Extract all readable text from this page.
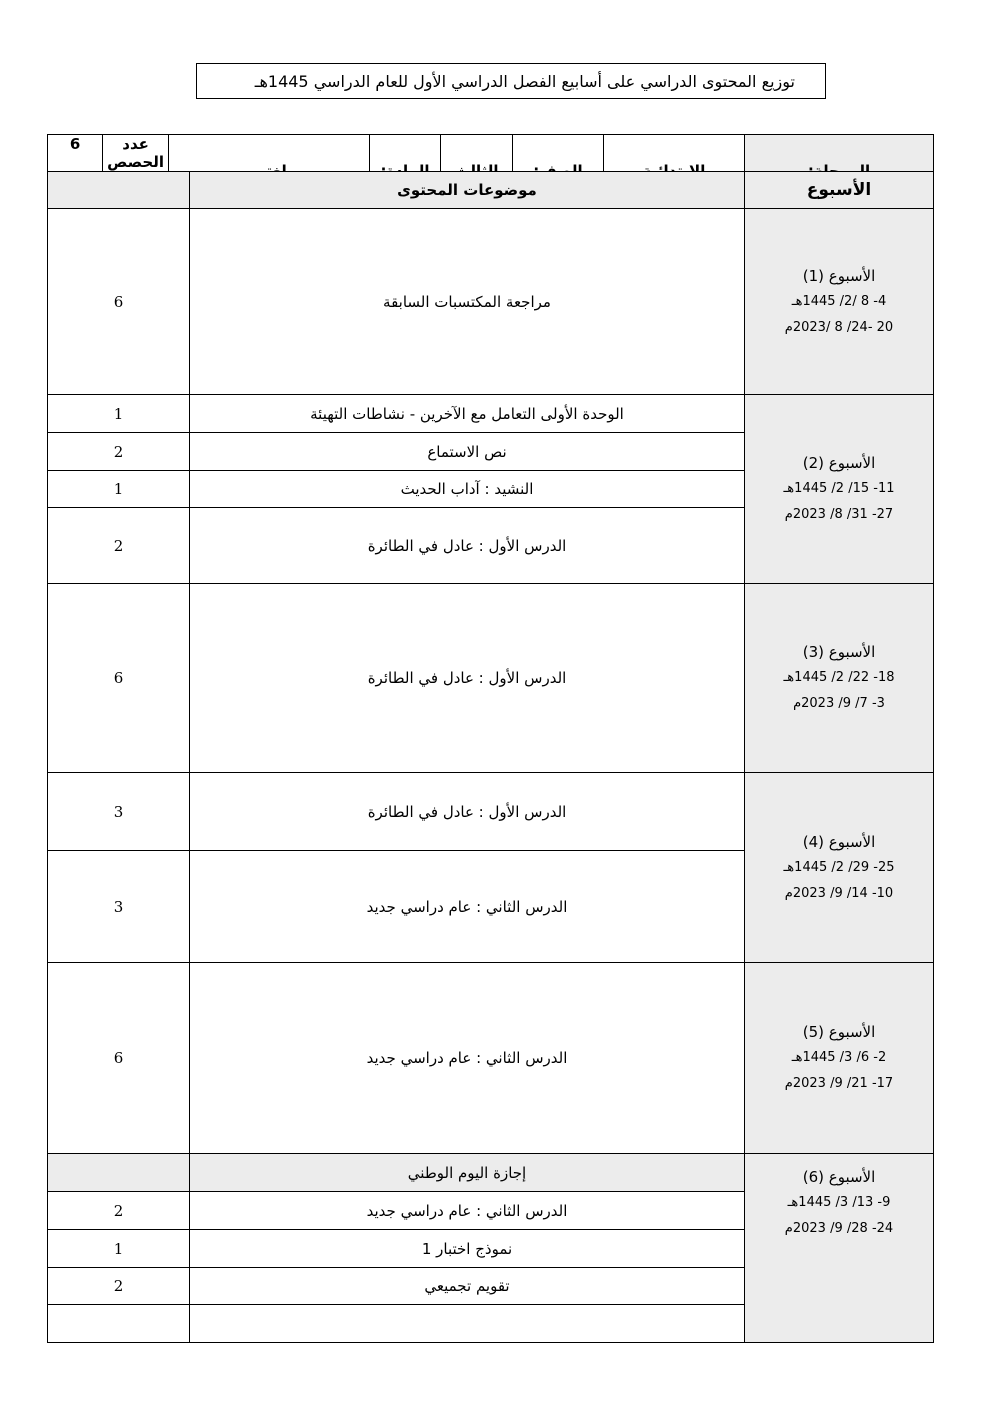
توزيع المحتوى الدراسي على أسابيع الفصل الدراسي الأول للعام الدراسي 1445هـ

عدد الحصص
6
الأسبوع	موضوعات المحتوى	

الأسبوع (1)
4- 8 /2/ 1445هـ
20 -24/ 8 /2023م	مراجعة المكتسبات السابقة	6

الأسبوع (2)
11- 15/ 2/ 1445هـ
27- 31/ 8/ 2023م	الوحدة الأولى التعامل مع الآخرين - نشاطات التهيئة	1
	نص الاستماع	2
	النشيد : آداب الحديث	1
	الدرس الأول : عادل في الطائرة	2

الأسبوع (3)
18- 22/ 2/ 1445هـ
3- 7/ 9/ 2023م	الدرس الأول : عادل في الطائرة	6

الأسبوع (4)
25- 29/ 2/ 1445هـ
10- 14/ 9/ 2023م	الدرس الأول : عادل في الطائرة	3
	الدرس الثاني : عام دراسي جديد	3

الأسبوع (5)
2- 6/ 3/ 1445هـ
17- 21/ 9/ 2023م	الدرس الثاني : عام دراسي جديد	6

الأسبوع (6)
9- 13/ 3/ 1445هـ
24- 28/ 9/ 2023م	إجازة اليوم الوطني	
	الدرس الثاني : عام دراسي جديد	2
	نموذج اختبار 1	1
	تقويم تجميعي	2
